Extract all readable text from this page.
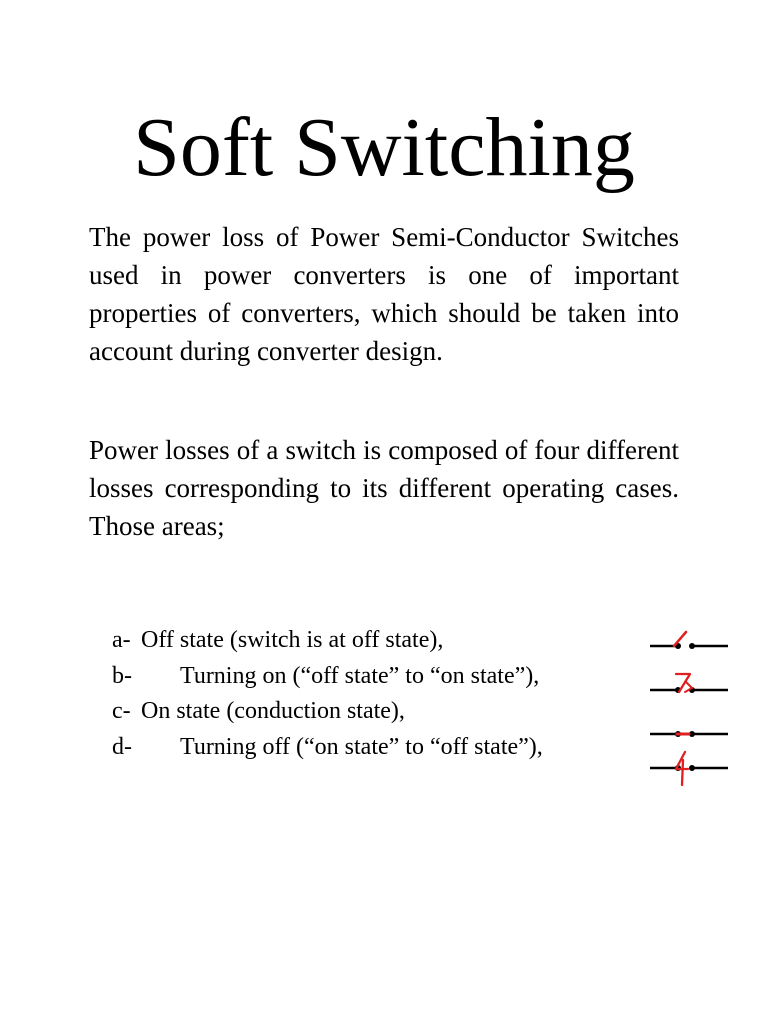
Soft Switching

The power loss of Power Semi-Conductor Switches used in power converters is one of important properties of converters, which should be taken into account during converter design.

Power losses of a switch is composed of four different losses corresponding to its different operating cases. Those areas;

a- Off state (switch is at off state),
b-	Turning on (“off state” to “on state”),
c- On state (conduction state),
d-	Turning off (“on state” to “off state”),
